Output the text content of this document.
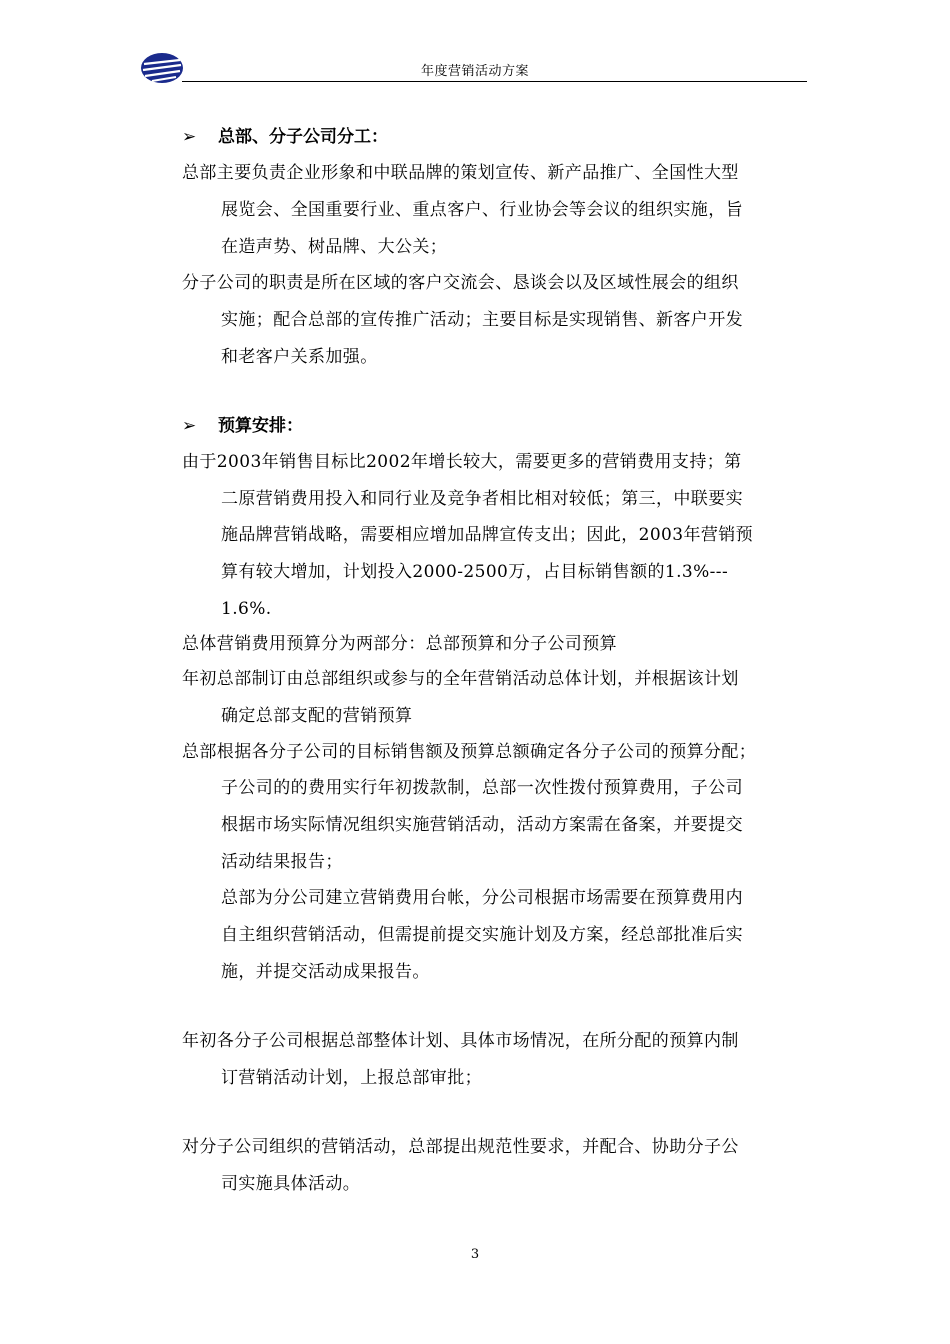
年度营销活动方案
➢ 总部、分子公司分工：
总部主要负责企业形象和中联品牌的策划宣传、新产品推广、全国性大型
展览会、全国重要行业、重点客户、行业协会等会议的组织实施，旨
在造声势、树品牌、大公关；
分子公司的职责是所在区域的客户交流会、恳谈会以及区域性展会的组织
实施；配合总部的宣传推广活动；主要目标是实现销售、新客户开发
和老客户关系加强。
➢ 预算安排：
由于2003年销售目标比2002年增长较大，需要更多的营销费用支持；第
二原营销费用投入和同行业及竞争者相比相对较低；第三，中联要实
施品牌营销战略，需要相应增加品牌宣传支出；因此，2003年营销预
算有较大增加，计划投入2000-2500万，占目标销售额的1.3%---
1.6%.
总体营销费用预算分为两部分：总部预算和分子公司预算
年初总部制订由总部组织或参与的全年营销活动总体计划，并根据该计划
确定总部支配的营销预算
总部根据各分子公司的目标销售额及预算总额确定各分子公司的预算分配；
子公司的的费用实行年初拨款制，总部一次性拨付预算费用，子公司
根据市场实际情况组织实施营销活动，活动方案需在备案，并要提交
活动结果报告；
总部为分公司建立营销费用台帐，分公司根据市场需要在预算费用内
自主组织营销活动，但需提前提交实施计划及方案，经总部批准后实
施，并提交活动成果报告。
年初各分子公司根据总部整体计划、具体市场情况，在所分配的预算内制
订营销活动计划，上报总部审批；
对分子公司组织的营销活动，总部提出规范性要求，并配合、协助分子公
司实施具体活动。
3
